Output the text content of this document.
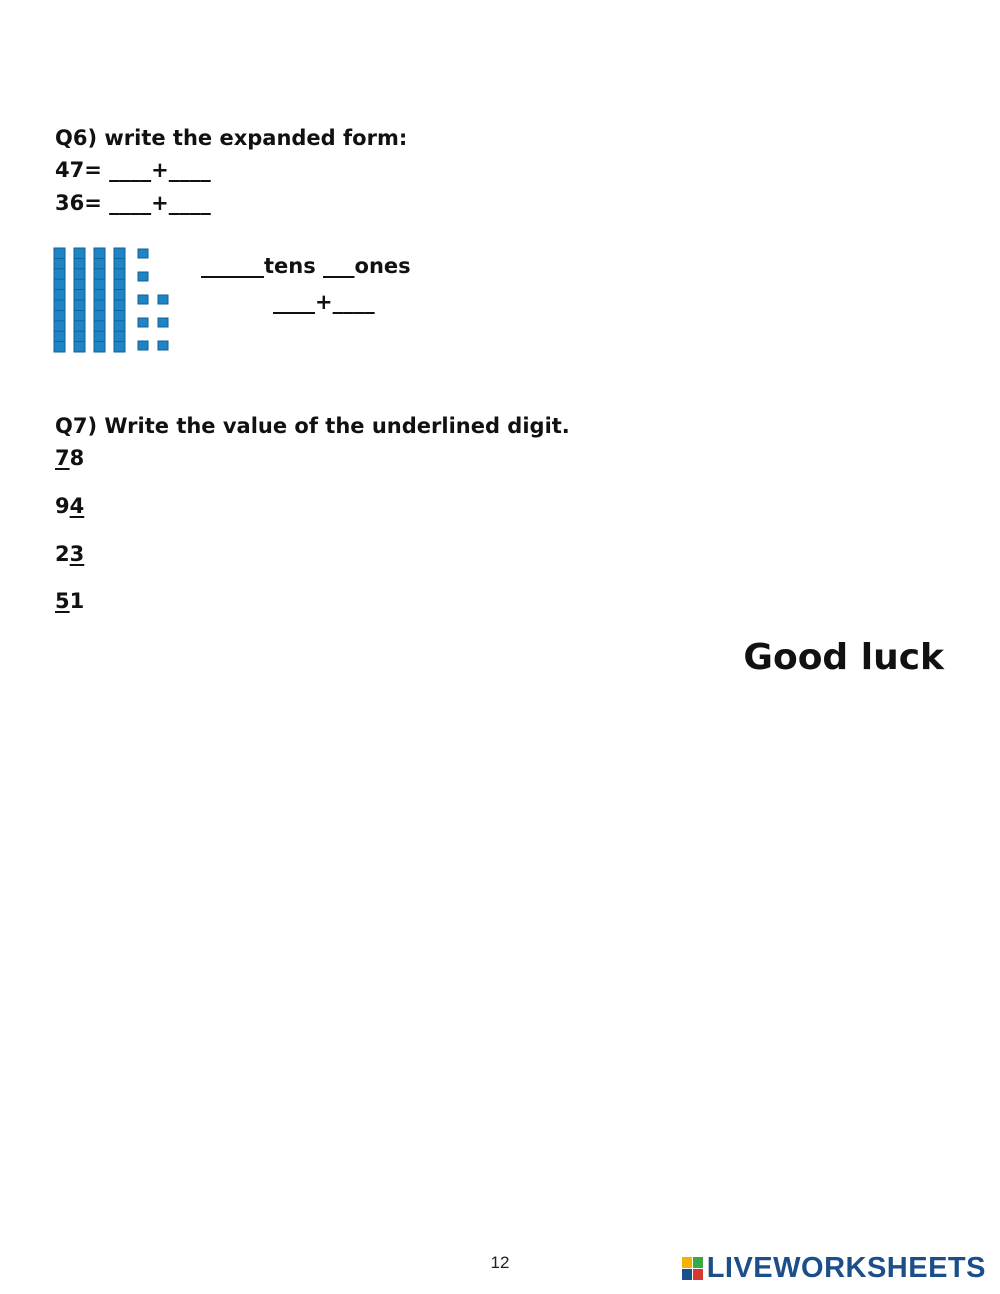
Q6) write the expanded form:
47= ____+____
36= ____+____
______tens ___ones
____+____
Q7) Write the value of the underlined digit.
78
94
23
51
Good luck
12	LIVEWORKSHEETS
